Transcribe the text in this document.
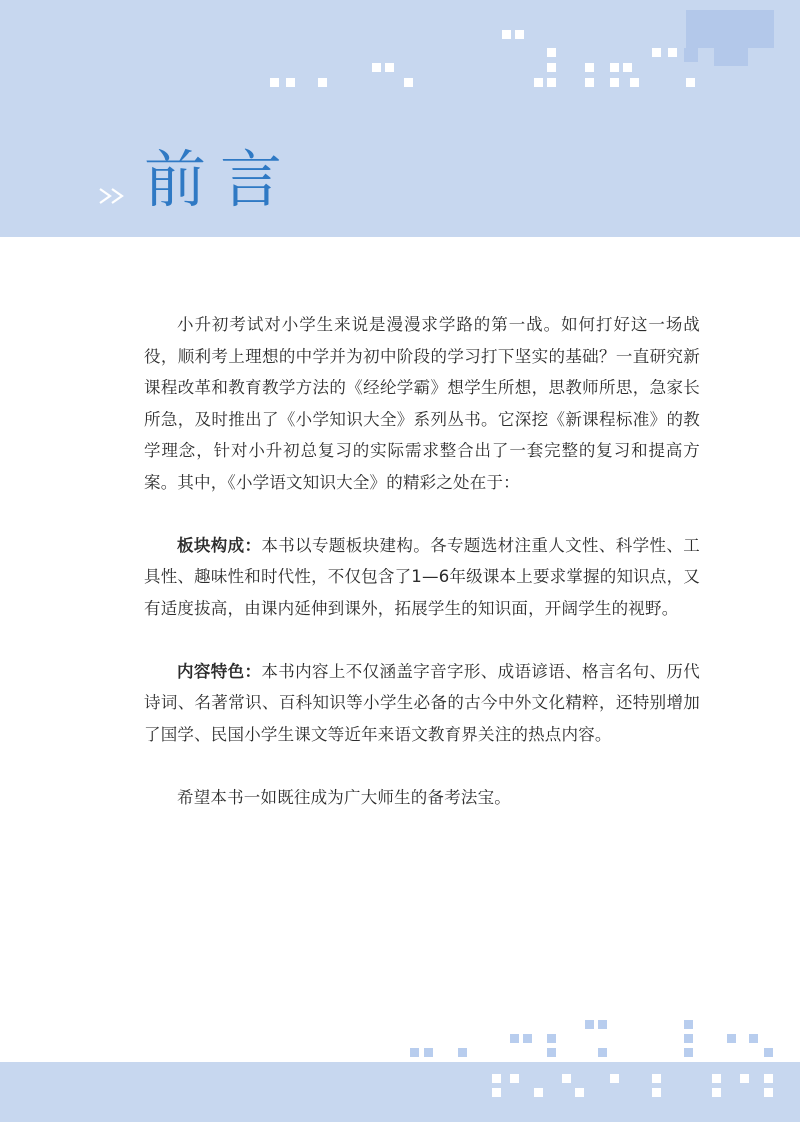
前言

小升初考试对小学生来说是漫漫求学路的第一战。如何打好这一场战役，顺利考上理想的中学并为初中阶段的学习打下坚实的基础？一直研究新课程改革和教育教学方法的《经纶学霸》想学生所想，思教师所思，急家长所急，及时推出了《小学知识大全》系列丛书。它深挖《新课程标准》的教学理念，针对小升初总复习的实际需求整合出了一套完整的复习和提高方案。其中，《小学语文知识大全》的精彩之处在于：

板块构成：本书以专题板块建构。各专题选材注重人文性、科学性、工具性、趣味性和时代性，不仅包含了1—6年级课本上要求掌握的知识点，又有适度拔高，由课内延伸到课外，拓展学生的知识面，开阔学生的视野。

内容特色：本书内容上不仅涵盖字音字形、成语谚语、格言名句、历代诗词、名著常识、百科知识等小学生必备的古今中外文化精粹，还特别增加了国学、民国小学生课文等近年来语文教育界关注的热点内容。

希望本书一如既往成为广大师生的备考法宝。
